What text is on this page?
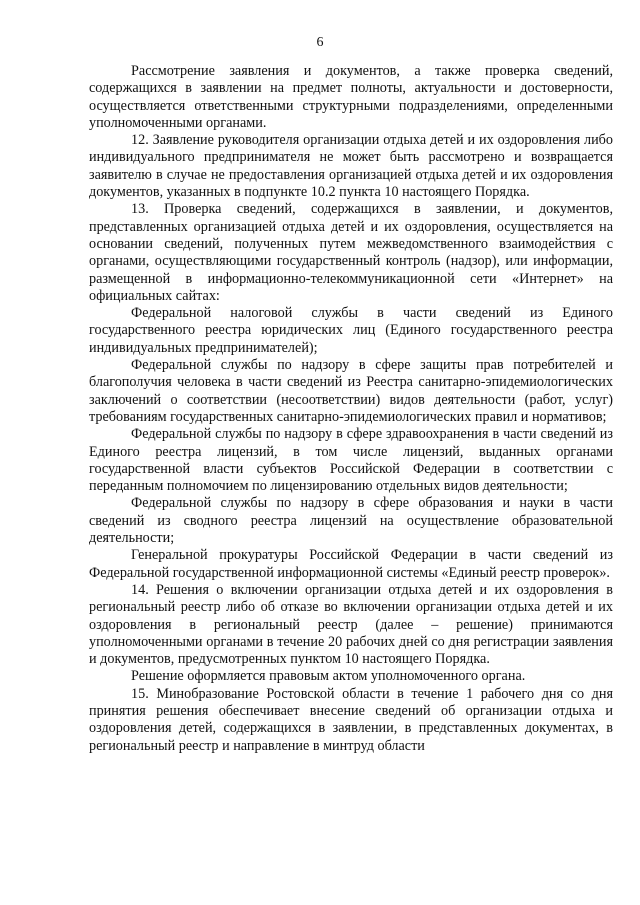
6

Рассмотрение заявления и документов, а также проверка сведений, содержащихся в заявлении на предмет полноты, актуальности и достоверности, осуществляется ответственными структурными подразделениями, определенными уполномоченными органами.

12. Заявление руководителя организации отдыха детей и их оздоровления либо индивидуального предпринимателя не может быть рассмотрено и возвращается заявителю в случае не предоставления организацией отдыха детей и их оздоровления документов, указанных в подпункте 10.2 пункта 10 настоящего Порядка.

13. Проверка сведений, содержащихся в заявлении, и документов, представленных организацией отдыха детей и их оздоровления, осуществляется на основании сведений, полученных путем межведомственного взаимодействия с органами, осуществляющими государственный контроль (надзор), или информации, размещенной в информационно-телекоммуникационной сети «Интернет» на официальных сайтах:

Федеральной налоговой службы в части сведений из Единого государственного реестра юридических лиц (Единого государственного реестра индивидуальных предпринимателей);

Федеральной службы по надзору в сфере защиты прав потребителей и благополучия человека в части сведений из Реестра санитарно-эпидемиологических заключений о соответствии (несоответствии) видов деятельности (работ, услуг) требованиям государственных санитарно-эпидемиологических правил и нормативов;

Федеральной службы по надзору в сфере здравоохранения в части сведений из Единого реестра лицензий, в том числе лицензий, выданных органами государственной власти субъектов Российской Федерации в соответствии с переданным полномочием по лицензированию отдельных видов деятельности;

Федеральной службы по надзору в сфере образования и науки в части сведений из сводного реестра лицензий на осуществление образовательной деятельности;

Генеральной прокуратуры Российской Федерации в части сведений из Федеральной государственной информационной системы «Единый реестр проверок».

14. Решения о включении организации отдыха детей и их оздоровления в региональный реестр либо об отказе во включении организации отдыха детей и их оздоровления в региональный реестр (далее – решение) принимаются уполномоченными органами в течение 20 рабочих дней со дня регистрации заявления и документов, предусмотренных пунктом 10 настоящего Порядка.

Решение оформляется правовым актом уполномоченного органа.

15. Минобразование Ростовской области в течение 1 рабочего дня со дня принятия решения обеспечивает внесение сведений об организации отдыха и оздоровления детей, содержащихся в заявлении, в представленных документах, в региональный реестр и направление в минтруд области
